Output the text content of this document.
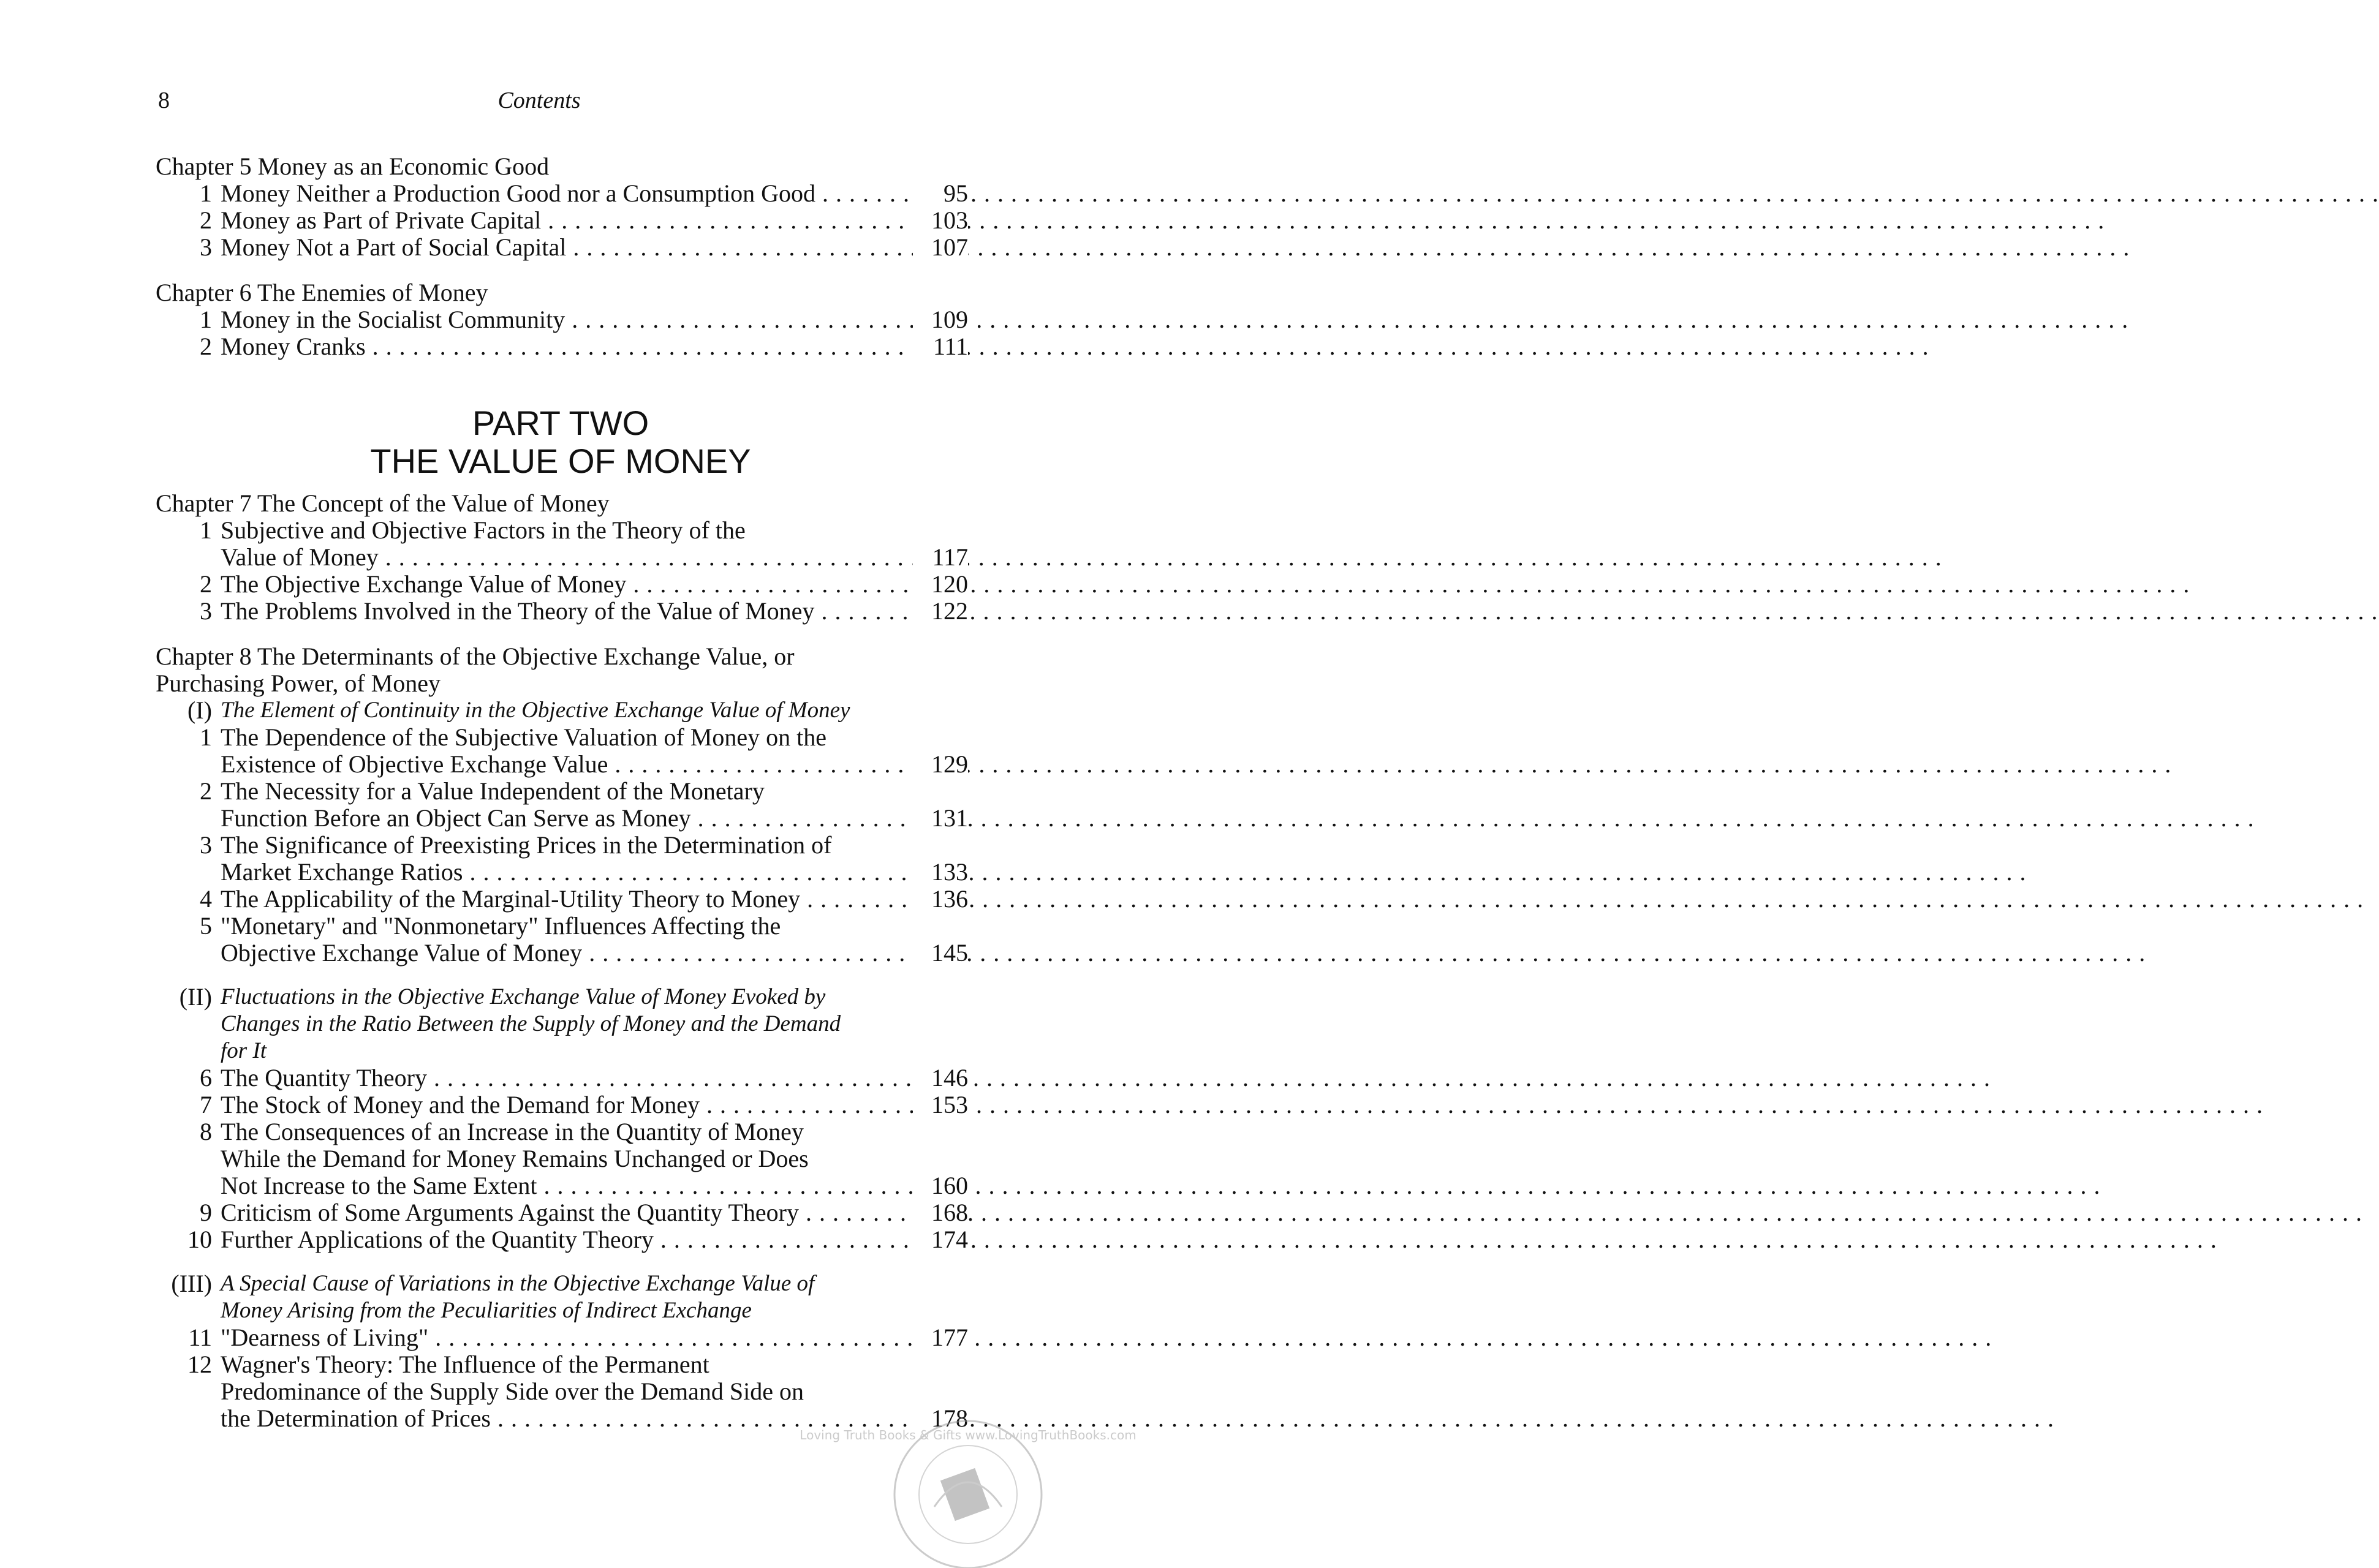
8	Contents
Chapter 5 Money as an Economic Good
1 Money Neither a Production Good nor a Consumption Good . . .	95
2 Money as Part of Private Capital . . .	103
3 Money Not a Part of Social Capital . . .	107
Chapter 6 The Enemies of Money
1 Money in the Socialist Community . . .	109
2 Money Cranks . . .	111
PART TWO
THE VALUE OF MONEY
Chapter 7 The Concept of the Value of Money
1 Subjective and Objective Factors in the Theory of the
Value of Money . . .	117
2 The Objective Exchange Value of Money . . .	120
3 The Problems Involved in the Theory of the Value of Money . . .	122
Chapter 8 The Determinants of the Objective Exchange Value, or
Purchasing Power, of Money
(I) The Element of Continuity in the Objective Exchange Value of Money
1 The Dependence of the Subjective Valuation of Money on the
Existence of Objective Exchange Value . . .	129
2 The Necessity for a Value Independent of the Monetary
Function Before an Object Can Serve as Money . . .	131
3 The Significance of Preexisting Prices in the Determination of
Market Exchange Ratios . . .	133
4 The Applicability of the Marginal-Utility Theory to Money . . .	136
5 "Monetary" and "Nonmonetary" Influences Affecting the
Objective Exchange Value of Money . . .	145
(II) Fluctuations in the Objective Exchange Value of Money Evoked by
Changes in the Ratio Between the Supply of Money and the Demand
for It
6 The Quantity Theory . . .	146
7 The Stock of Money and the Demand for Money . . .	153
8 The Consequences of an Increase in the Quantity of Money
While the Demand for Money Remains Unchanged or Does
Not Increase to the Same Extent . . .	160
9 Criticism of Some Arguments Against the Quantity Theory . . .	168
10 Further Applications of the Quantity Theory . . .	174
(III) A Special Cause of Variations in the Objective Exchange Value of
Money Arising from the Peculiarities of Indirect Exchange
11 "Dearness of Living" . . .	177
12 Wagner's Theory: The Influence of the Permanent
Predominance of the Supply Side over the Demand Side on
the Determination of Prices . . .	178
Loving Truth Books & Gifts www.LovingTruthBooks.com
